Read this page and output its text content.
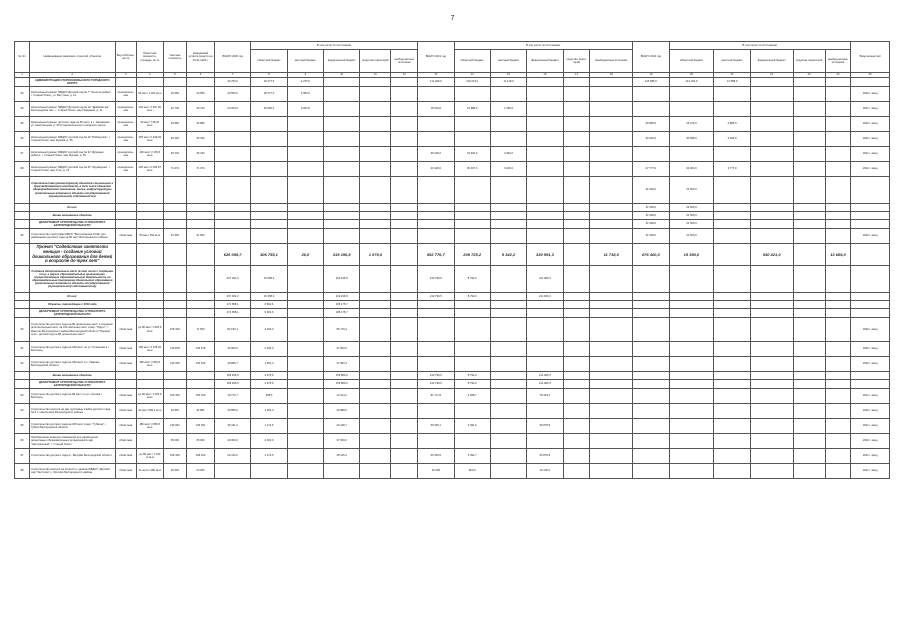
7
№ п/п	Наименование заказчика, отраслей, объектов	Вид собствен-ности	Проектная мощность, площадь, кв. м	Сметная стоимость	Ожидаемый остаток средств на 01.01.2020 г.	ВСЕГО 2020 год	В том числе по источникам:					ВСЕГО 2021 год	В том числе по источникам:					ВСЕГО 2022 год	В том числе по источникам:					Ввод мощностей
							областной бюджет	местный бюджет	федеральный бюджет	средства территорий	внебюд-жетные источники		областной бюджет	местный бюджет	федеральный бюджет	средства терри-торий	внебюджетные источники		областной бюджет	местный бюджет	федеральный бюджет	средства территорий	внебюд-жетные источники	
1	2	3	4	5	6	7	8	9	10	11	12	13	14	15	16	17	18	19	20	21	22	23	24	25
	АДМИНИСТРАЦИЯ СТАРООСКОЛЬСКОГО ГОРОДСКОГО ОКРУГА					40 753,0	29 477,5	4 275,5				111 299,0	103 213,0	11 118,0				126 585,0	114 193,0	12 588,0				
93	Капитальный ремонт МБДОУ Детский сад № 7 "Золотая рыбка", г. Старый Оскол, ул. Ватутина, д. 14	муниципаль-ная	93 мест 1 021 кв.м	20 550	20 550	20 550,0	18 477,0	2 083,0																2020 г. ввод
94	Капитальный ремонт МБДОУ Детский сад № 16 "Дюймовочка" Белгородская обл., г. Старый Оскол, мкр Парковый, д. 21	муниципаль-ная	220 мест 2 067,00 кв.м	40 740	40 740	20 203,0	20 000,0	3 202,5				18 019,0	16 988,0	1 095,0										2021 г. ввод
95	Капитальный ремонт детского сада на 50 мест, в с. Незнамово, ул. Центральная, д. 50 Старооскольского городского округа	муниципаль-ная	50 мест 748,34 кв.м	26 882	26 882													26 882,0	26 070,0	2 886,0				2022 г. ввод
96	Капитальный ремонт МБДОУ детский сад № 29 "Рябинушка", г. Старый Оскол, мкр Жукова, д. 35	муниципаль-ная	287 мест 2 249,03 кв.м	30 220	30 220													30 220,0	30 598,0	3 930,0				2022 г. ввод
97	Капитальный ремонт МБДОУ детский сад № 32 "Дружные ребята", г. Старый Оскол, мкр Жукова, д. 35	муниципаль-ная	130 мест 2 153,5 кв.м	35 230	35 230							35 230,0	33 420,0	3 394,0										2021 г. ввод
98	Капитальный ремонт МБДОУ детский сад № 66 "Журавушка", г. Старый Оскол, мкр Углы, д. 21	муниципаль-ная	200 мест 2 093,87 кв.м	71 374	71 374							33 420,0	30 107,0	3 220,0				37 777,0	34 000,0	3 777,0				2022 г. ввод
	Строительство (реконструкция) объектов социального и производственного комплексов, в том числе объектов общегражданского назначения, жилья, инфраструктуры (капитальные вложения в объекты государственной (муниципальной) собственности)																	31 500,0	31 500,0					
	Из них:																	31 500,0	31 500,0					
	Вновь начинаемые объекты																	31 500,0	31 500,0					
	ДЕПАРТАМЕНТ СТРОИТЕЛЬСТВА И ТРАНСПОРТА БЕЛГОРОДСКОЙ ОБЛАСТИ																	31 500,0	31 500,0					
99	Строительство пристройки МБОУ "Бессоновская СОШ" для размещения детского сада на 50 мест Белгородского района	областная	50 мест 450 кв.м	31 500	31 500													31 500,0	31 500,0					2022 г. ввод
	Проект "Содействие занятости женщин - создание условий дошкольного образования для детей в возрасте до трех лет"					626 059,7	306 755,1	26,0	319 196,8	1 079,0		552 776,7	209 725,2	9 342,2	330 591,3		11 718,0	676 400,0	15 393,0		540 421,0		13 686,0	
	Создание дополнительных мест (в том числе с созданием п.т.р. и других образовательных организациях, осуществляющих образовательную деятельность по образовательным программам дошкольного образования (капитальные вложения в объекты государственной (муниципальной) собственности))					337 454,0	15 258,3		319 196,8			219 796,5	8 792,0		211 006,3									
	Из них:					337 454,0	15 258,3		319 196,8			219 796,5	8 792,0		211 006,3									
	Объекты, переходящие с 2019 года					172 658,1	6 962,6		165 175,7															
	ДЕПАРТАМЕНТ СТРОИТЕЛЬСТВА И ТРАНСПОРТА БЕЛГОРОДСКОЙ ОБЛАСТИ					172 658,1	6 962,6		165 175,7															
90	Строительство детского сада на 80 дошкольных мест и создание дополнительных мест на 100 школьных мест в мкр. "Парус", г. Ракитно Белгородского района Белгородской области "Первый этап - детский сад на 80 дошкольных мест"	областная	до 80 мест 1 625,6 кв.м	108 400	71 500	82 190,4	4 496,0		56 710,4															2020 г. ввод
91	Строительство детского сада на 180 мест по ул. Успенская в г. Белгород	областная	180 мест 3 108,26 кв.м	146 878	136 578	40 000,0	2 403,0		37 600,0															2020 г. ввод
92	Строительство детского сада на 180 мест в с. Таврово Белгородской области	областная	180 мест 2 881,5 кв.м	136 065	136 543	49 895,7	1 564,4		47 993,3															2020 г. ввод
	Вновь начинаемые объекты					159 256,6	4 375,6		153 880,9			219 796,5	8 792,0		211 006,3									
	ДЕПАРТАМЕНТ СТРОИТЕЛЬСТВА И ТРАНСПОРТА БЕЛГОРОДСКОЙ ОБЛАСТИ					159 256,6	4 375,6		153 880,9			219 796,5	8 792,0		211 006,3									
93	Строительство детского сада на 80 мест по ул. Орлова г. Белгород	областная	до 80 мест 1 625,6 кв.м	105 400	105 400	10 772,7	458,5		10 314,2			81 717,8	3 268,7		78 449,2									2021 г. ввод
94	Строительство корпуса на две групповые ячейки детского сада № 6 с. Никольское Белгородского района	областная	40 мест 686,4 кв.м	34 881	34 881	30 855,0	1 266,0		29 588,0															2020 г. ввод
95	Строительство детского сада на 180 мест в мкр. "Губкина" г. Губкин Белгородской области	областная	180 мест 2 881,5 кв.м	136 061	136 061	30 311,2	1 172,5		29 138,7			59 345,1	2 391,6		56 878,5									2021 г. ввод
96	Приобретение нежилых помещений для размещения дошкольных образовательных организаций в мкр. "Центральный", г. Старый Оскол	областная		65 000	65 000	40 000,0	2 400,0		37 600,0															2020 г. ввод
97	Строительство детского сада в г. Валуйки Белгородской области	областная	до 80 мест 1 700 ,0 кв.м	108 400	108 400	29 310,0	1 172,5		28 145,4			59 345,6	2 391,7		56 878,5									2021 г. ввод
98	Строительство корпуса на 21 место к зданию МБДОУ "Детский сад "Ласточка" с. Хохлово Белгородского района	областная	21 место 486 кв.м	20 000	20 000							20 000	800,0		19 200,0									2021 г. ввод
